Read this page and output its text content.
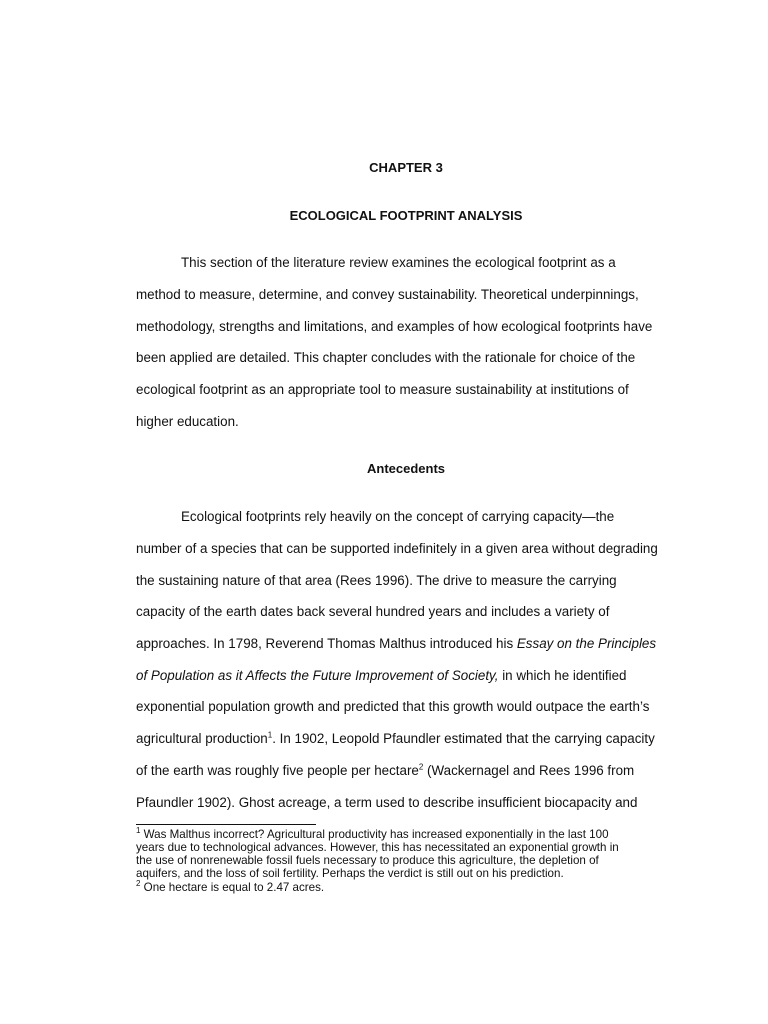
CHAPTER 3
ECOLOGICAL FOOTPRINT ANALYSIS

This section of the literature review examines the ecological footprint as a

method to measure, determine, and convey sustainability. Theoretical underpinnings,

methodology, strengths and limitations, and examples of how ecological footprints have

been applied are detailed. This chapter concludes with the rationale for choice of the

ecological footprint as an appropriate tool to measure sustainability at institutions of

higher education.

Antecedents

Ecological footprints rely heavily on the concept of carrying capacity—the

number of a species that can be supported indefinitely in a given area without degrading

the sustaining nature of that area (Rees 1996). The drive to measure the carrying

capacity of the earth dates back several hundred years and includes a variety of

approaches. In 1798, Reverend Thomas Malthus introduced his Essay on the Principles

of Population as it Affects the Future Improvement of Society, in which he identified

exponential population growth and predicted that this growth would outpace the earth’s

agricultural production$^1$. In 1902, Leopold Pfaundler estimated that the carrying capacity

of the earth was roughly five people per hectare$^2$ (Wackernagel and Rees 1996 from

Pfaundler 1902). Ghost acreage, a term used to describe insufficient biocapacity and

$^1$ Was Malthus incorrect? Agricultural productivity has increased exponentially in the last 100

years due to technological advances. However, this has necessitated an exponential growth in

the use of nonrenewable fossil fuels necessary to produce this agriculture, the depletion of

aquifers, and the loss of soil fertility. Perhaps the verdict is still out on his prediction.

$^2$ One hectare is equal to 2.47 acres.
